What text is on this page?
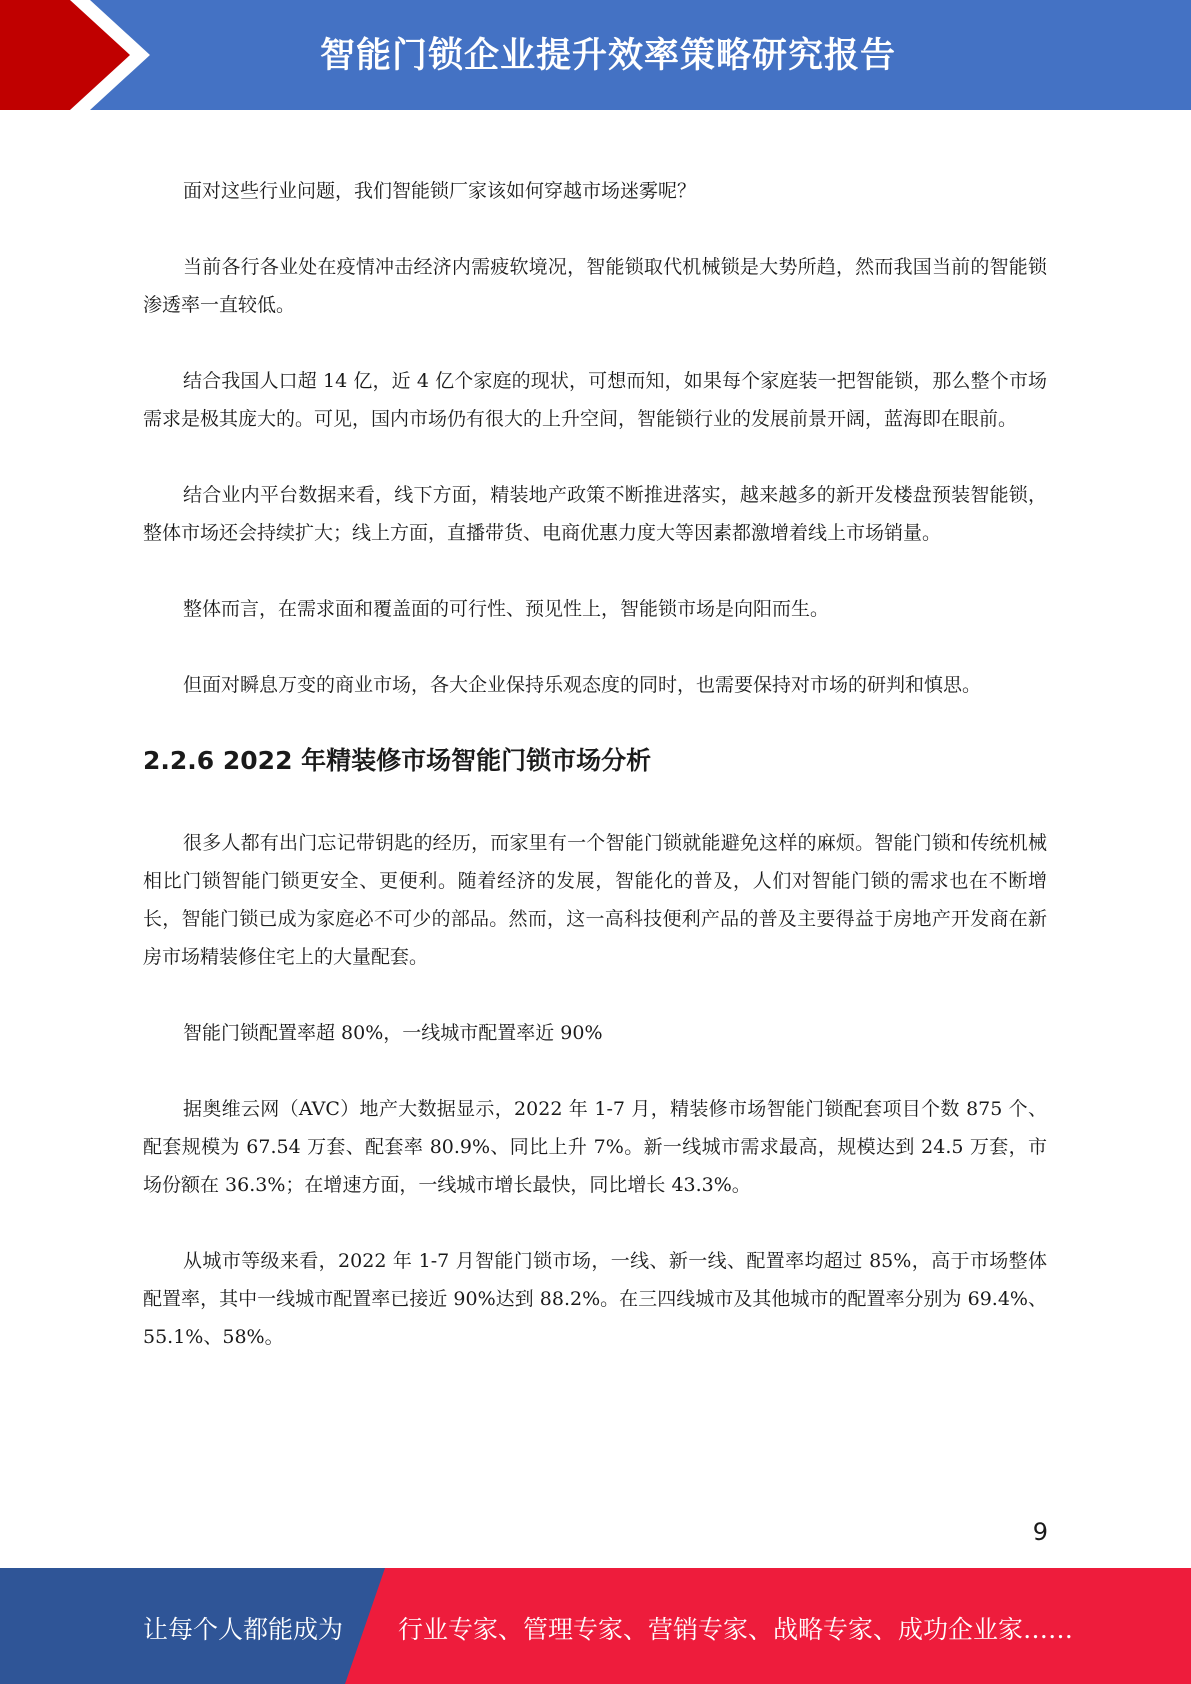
智能门锁企业提升效率策略研究报告

面对这些行业问题，我们智能锁厂家该如何穿越市场迷雾呢？

当前各行各业处在疫情冲击经济内需疲软境况，智能锁取代机械锁是大势所趋，然而我国当前的智能锁渗透率一直较低。

结合我国人口超 14 亿，近 4 亿个家庭的现状，可想而知，如果每个家庭装一把智能锁，那么整个市场需求是极其庞大的。可见，国内市场仍有很大的上升空间，智能锁行业的发展前景开阔，蓝海即在眼前。

结合业内平台数据来看，线下方面，精装地产政策不断推进落实，越来越多的新开发楼盘预装智能锁，整体市场还会持续扩大；线上方面，直播带货、电商优惠力度大等因素都激增着线上市场销量。

整体而言，在需求面和覆盖面的可行性、预见性上，智能锁市场是向阳而生。

但面对瞬息万变的商业市场，各大企业保持乐观态度的同时，也需要保持对市场的研判和慎思。

2.2.6 2022 年精装修市场智能门锁市场分析

很多人都有出门忘记带钥匙的经历，而家里有一个智能门锁就能避免这样的麻烦。智能门锁和传统机械相比门锁智能门锁更安全、更便利。随着经济的发展，智能化的普及，人们对智能门锁的需求也在不断增长，智能门锁已成为家庭必不可少的部品。然而，这一高科技便利产品的普及主要得益于房地产开发商在新房市场精装修住宅上的大量配套。

智能门锁配置率超 80%，一线城市配置率近 90%

据奥维云网（AVC）地产大数据显示，2022 年 1-7 月，精装修市场智能门锁配套项目个数 875 个、配套规模为 67.54 万套、配套率 80.9%、同比上升 7%。新一线城市需求最高，规模达到 24.5 万套，市场份额在 36.3%；在增速方面，一线城市增长最快，同比增长 43.3%。

从城市等级来看，2022 年 1-7 月智能门锁市场，一线、新一线、配置率均超过 85%，高于市场整体配置率，其中一线城市配置率已接近 90%达到 88.2%。在三四线城市及其他城市的配置率分别为 69.4%、55.1%、58%。

9
让每个人都能成为 行业专家、管理专家、营销专家、战略专家、成功企业家……
